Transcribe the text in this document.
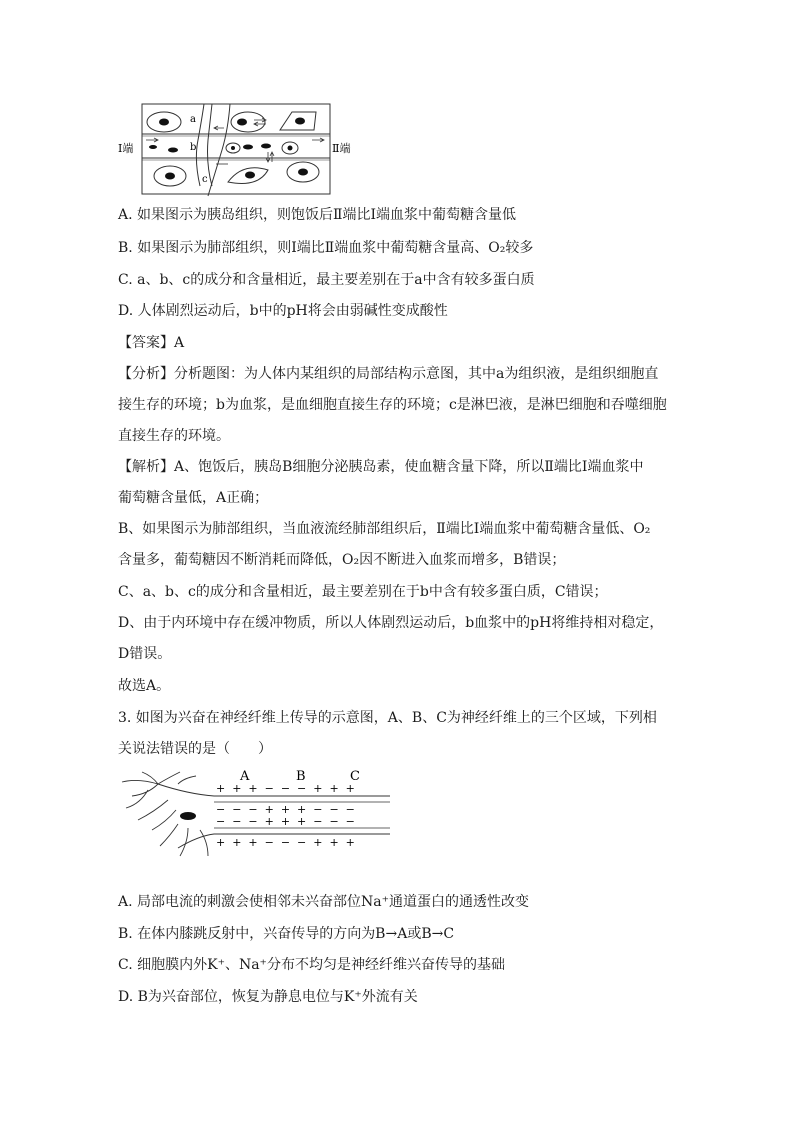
Ⅰ端	Ⅱ端
a
b
c
A. 如果图示为胰岛组织，则饱饭后Ⅱ端比Ⅰ端血浆中葡萄糖含量低
B. 如果图示为肺部组织，则Ⅰ端比Ⅱ端血浆中葡萄糖含量高、O₂较多
C. a、b、c的成分和含量相近，最主要差别在于a中含有较多蛋白质
D. 人体剧烈运动后，b中的pH将会由弱碱性变成酸性
【答案】A
【分析】分析题图：为人体内某组织的局部结构示意图，其中a为组织液，是组织细胞直
接生存的环境；b为血浆，是血细胞直接生存的环境；c是淋巴液，是淋巴细胞和吞噬细胞
直接生存的环境。
【解析】A、饱饭后，胰岛B细胞分泌胰岛素，使血糖含量下降，所以Ⅱ端比Ⅰ端血浆中
葡萄糖含量低，A正确；
B、如果图示为肺部组织，当血液流经肺部组织后，Ⅱ端比Ⅰ端血浆中葡萄糖含量低、O₂
含量多，葡萄糖因不断消耗而降低，O₂因不断进入血浆而增多，B错误；
C、a、b、c的成分和含量相近，最主要差别在于b中含有较多蛋白质，C错误；
D、由于内环境中存在缓冲物质，所以人体剧烈运动后，b血浆中的pH将维持相对稳定，
D错误。
故选A。
3. 如图为兴奋在神经纤维上传导的示意图，A、B、C为神经纤维上的三个区域，下列相
关说法错误的是（　　）
A	B	C
+  +  +  −  −  −  +  +  +
−  −  −  +  +  +  −  −  −
−  −  −  +  +  +  −  −  −
+  +  +  −  −  −  +  +  +
A. 局部电流的刺激会使相邻未兴奋部位Na⁺通道蛋白的通透性改变
B. 在体内膝跳反射中，兴奋传导的方向为B→A或B→C
C. 细胞膜内外K⁺、Na⁺分布不均匀是神经纤维兴奋传导的基础
D. B为兴奋部位，恢复为静息电位与K⁺外流有关
